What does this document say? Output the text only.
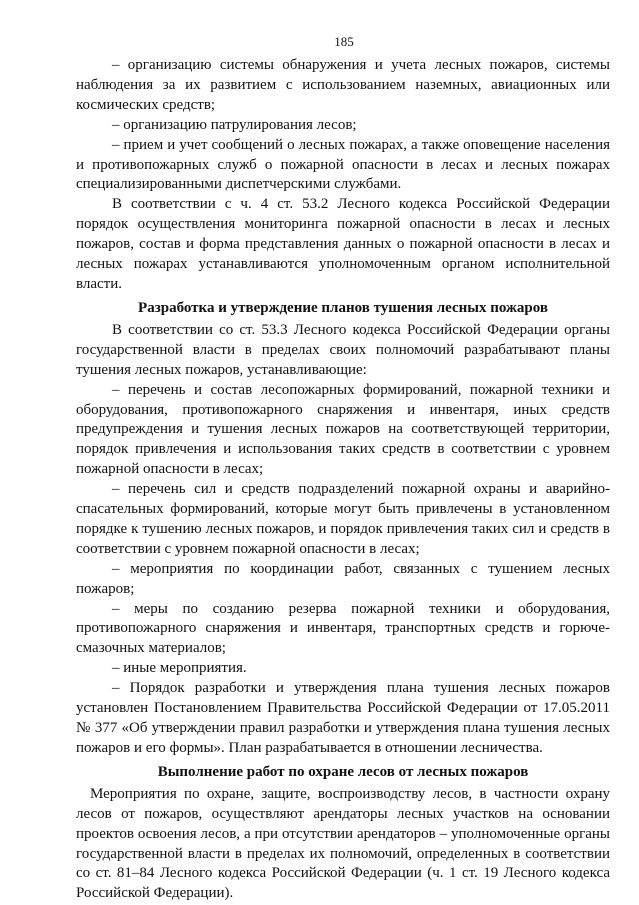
185

– организацию системы обнаружения и учета лесных пожаров, системы наблюдения за их развитием с использованием наземных, авиационных или космических средств;

– организацию патрулирования лесов;

– прием и учет сообщений о лесных пожарах, а также оповещение населения и противопожарных служб о пожарной опасности в лесах и лесных пожарах специализированными диспетчерскими службами.

В соответствии с ч. 4 ст. 53.2 Лесного кодекса Российской Федерации порядок осуществления мониторинга пожарной опасности в лесах и лесных пожаров, состав и форма представления данных о пожарной опасности в лесах и лесных пожарах устанавливаются уполномоченным органом исполнительной власти.

Разработка и утверждение планов тушения лесных пожаров

В соответствии со ст. 53.3 Лесного кодекса Российской Федерации органы государственной власти в пределах своих полномочий разрабатывают планы тушения лесных пожаров, устанавливающие:

– перечень и состав лесопожарных формирований, пожарной техники и оборудования, противопожарного снаряжения и инвентаря, иных средств предупреждения и тушения лесных пожаров на соответствующей территории, порядок привлечения и использования таких средств в соответствии с уровнем пожарной опасности в лесах;

– перечень сил и средств подразделений пожарной охраны и аварийно-спасательных формирований, которые могут быть привлечены в установленном порядке к тушению лесных пожаров, и порядок привлечения таких сил и средств в соответствии с уровнем пожарной опасности в лесах;

– мероприятия по координации работ, связанных с тушением лесных пожаров;

– меры по созданию резерва пожарной техники и оборудования, противопожарного снаряжения и инвентаря, транспортных средств и горюче-смазочных материалов;

– иные мероприятия.

– Порядок разработки и утверждения плана тушения лесных пожаров установлен Постановлением Правительства Российской Федерации от 17.05.2011 № 377 «Об утверждении правил разработки и утверждения плана тушения лесных пожаров и его формы». План разрабатывается в отношении лесничества.

Выполнение работ по охране лесов от лесных пожаров

Мероприятия по охране, защите, воспроизводству лесов, в частности охрану лесов от пожаров, осуществляют арендаторы лесных участков на основании проектов освоения лесов, а при отсутствии арендаторов – уполномоченные органы государственной власти в пределах их полномочий, определенных в соответствии со ст. 81–84 Лесного кодекса Российской Федерации (ч. 1 ст. 19 Лесного кодекса Российской Федерации).
